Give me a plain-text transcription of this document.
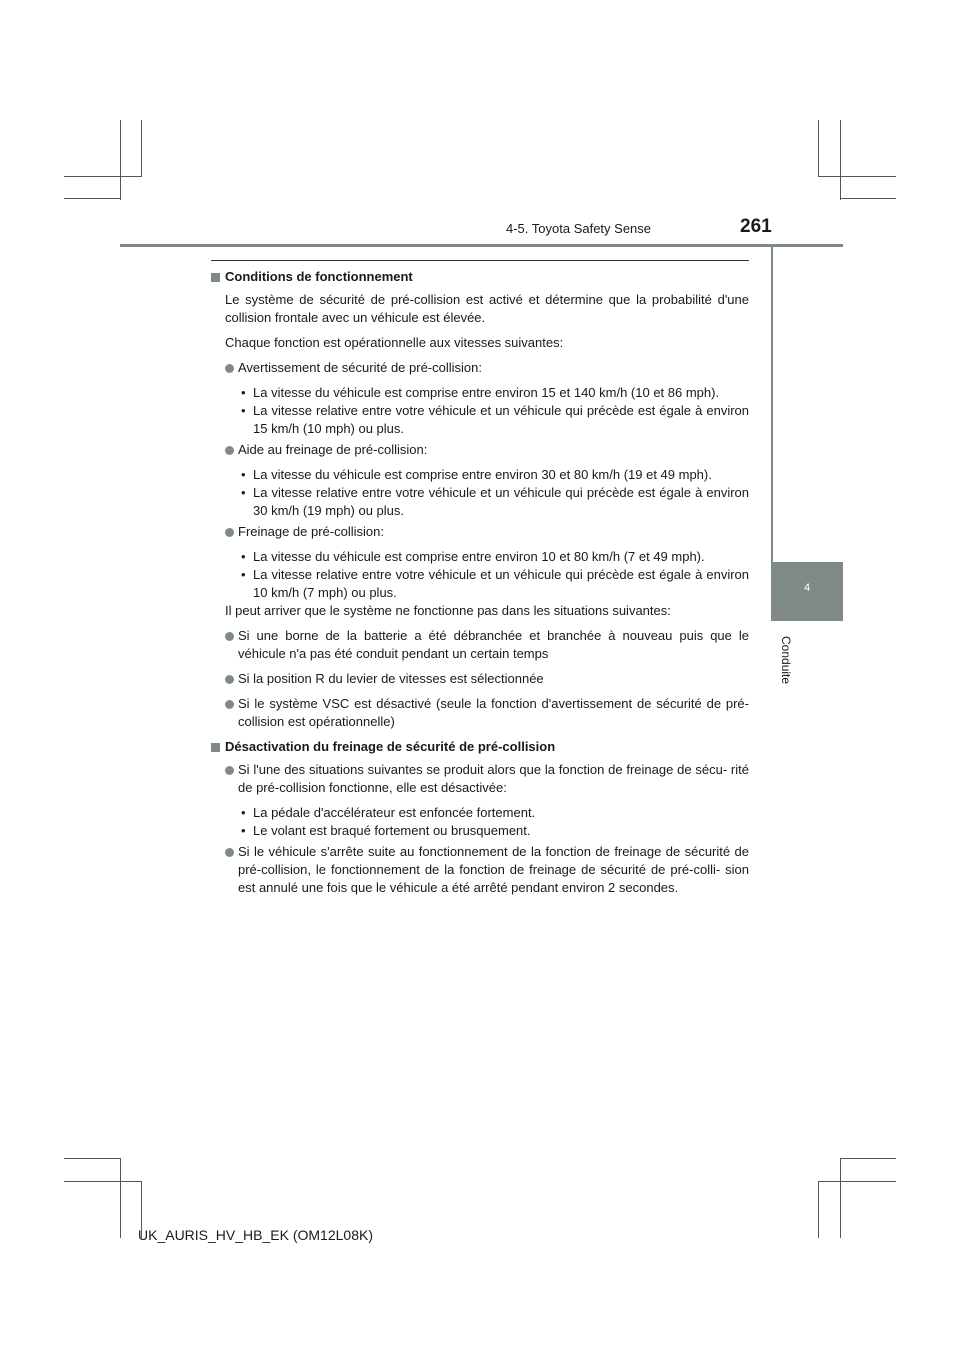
4-5. Toyota Safety Sense	261
4
Conduite
Conditions de fonctionnement

Le système de sécurité de pré-collision est activé et détermine que la probabilité d'une collision frontale avec un véhicule est élevée.

Chaque fonction est opérationnelle aux vitesses suivantes:

Avertissement de sécurité de pré-collision:

• La vitesse du véhicule est comprise entre environ 15 et 140 km/h (10 et 86 mph).

• La vitesse relative entre votre véhicule et un véhicule qui précède est égale à environ 15 km/h (10 mph) ou plus.

Aide au freinage de pré-collision:

• La vitesse du véhicule est comprise entre environ 30 et 80 km/h (19 et 49 mph).

• La vitesse relative entre votre véhicule et un véhicule qui précède est égale à environ 30 km/h (19 mph) ou plus.

Freinage de pré-collision:

• La vitesse du véhicule est comprise entre environ 10 et 80 km/h (7 et 49 mph).

• La vitesse relative entre votre véhicule et un véhicule qui précède est égale à environ 10 km/h (7 mph) ou plus.

Il peut arriver que le système ne fonctionne pas dans les situations suivantes:

Si une borne de la batterie a été débranchée et branchée à nouveau puis que le véhicule n'a pas été conduit pendant un certain temps
Si la position R du levier de vitesses est sélectionnée
Si le système VSC est désactivé (seule la fonction d'avertissement de sécurité de pré-collision est opérationnelle)
Désactivation du freinage de sécurité de pré-collision
Si l'une des situations suivantes se produit alors que la fonction de freinage de sécu- rité de pré-collision fonctionne, elle est désactivée:

• La pédale d'accélérateur est enfoncée fortement.

• Le volant est braqué fortement ou brusquement.

Si le véhicule s'arrête suite au fonctionnement de la fonction de freinage de sécurité de pré-collision, le fonctionnement de la fonction de freinage de sécurité de pré-colli- sion est annulé une fois que le véhicule a été arrêté pendant environ 2 secondes.
UK_AURIS_HV_HB_EK (OM12L08K)
